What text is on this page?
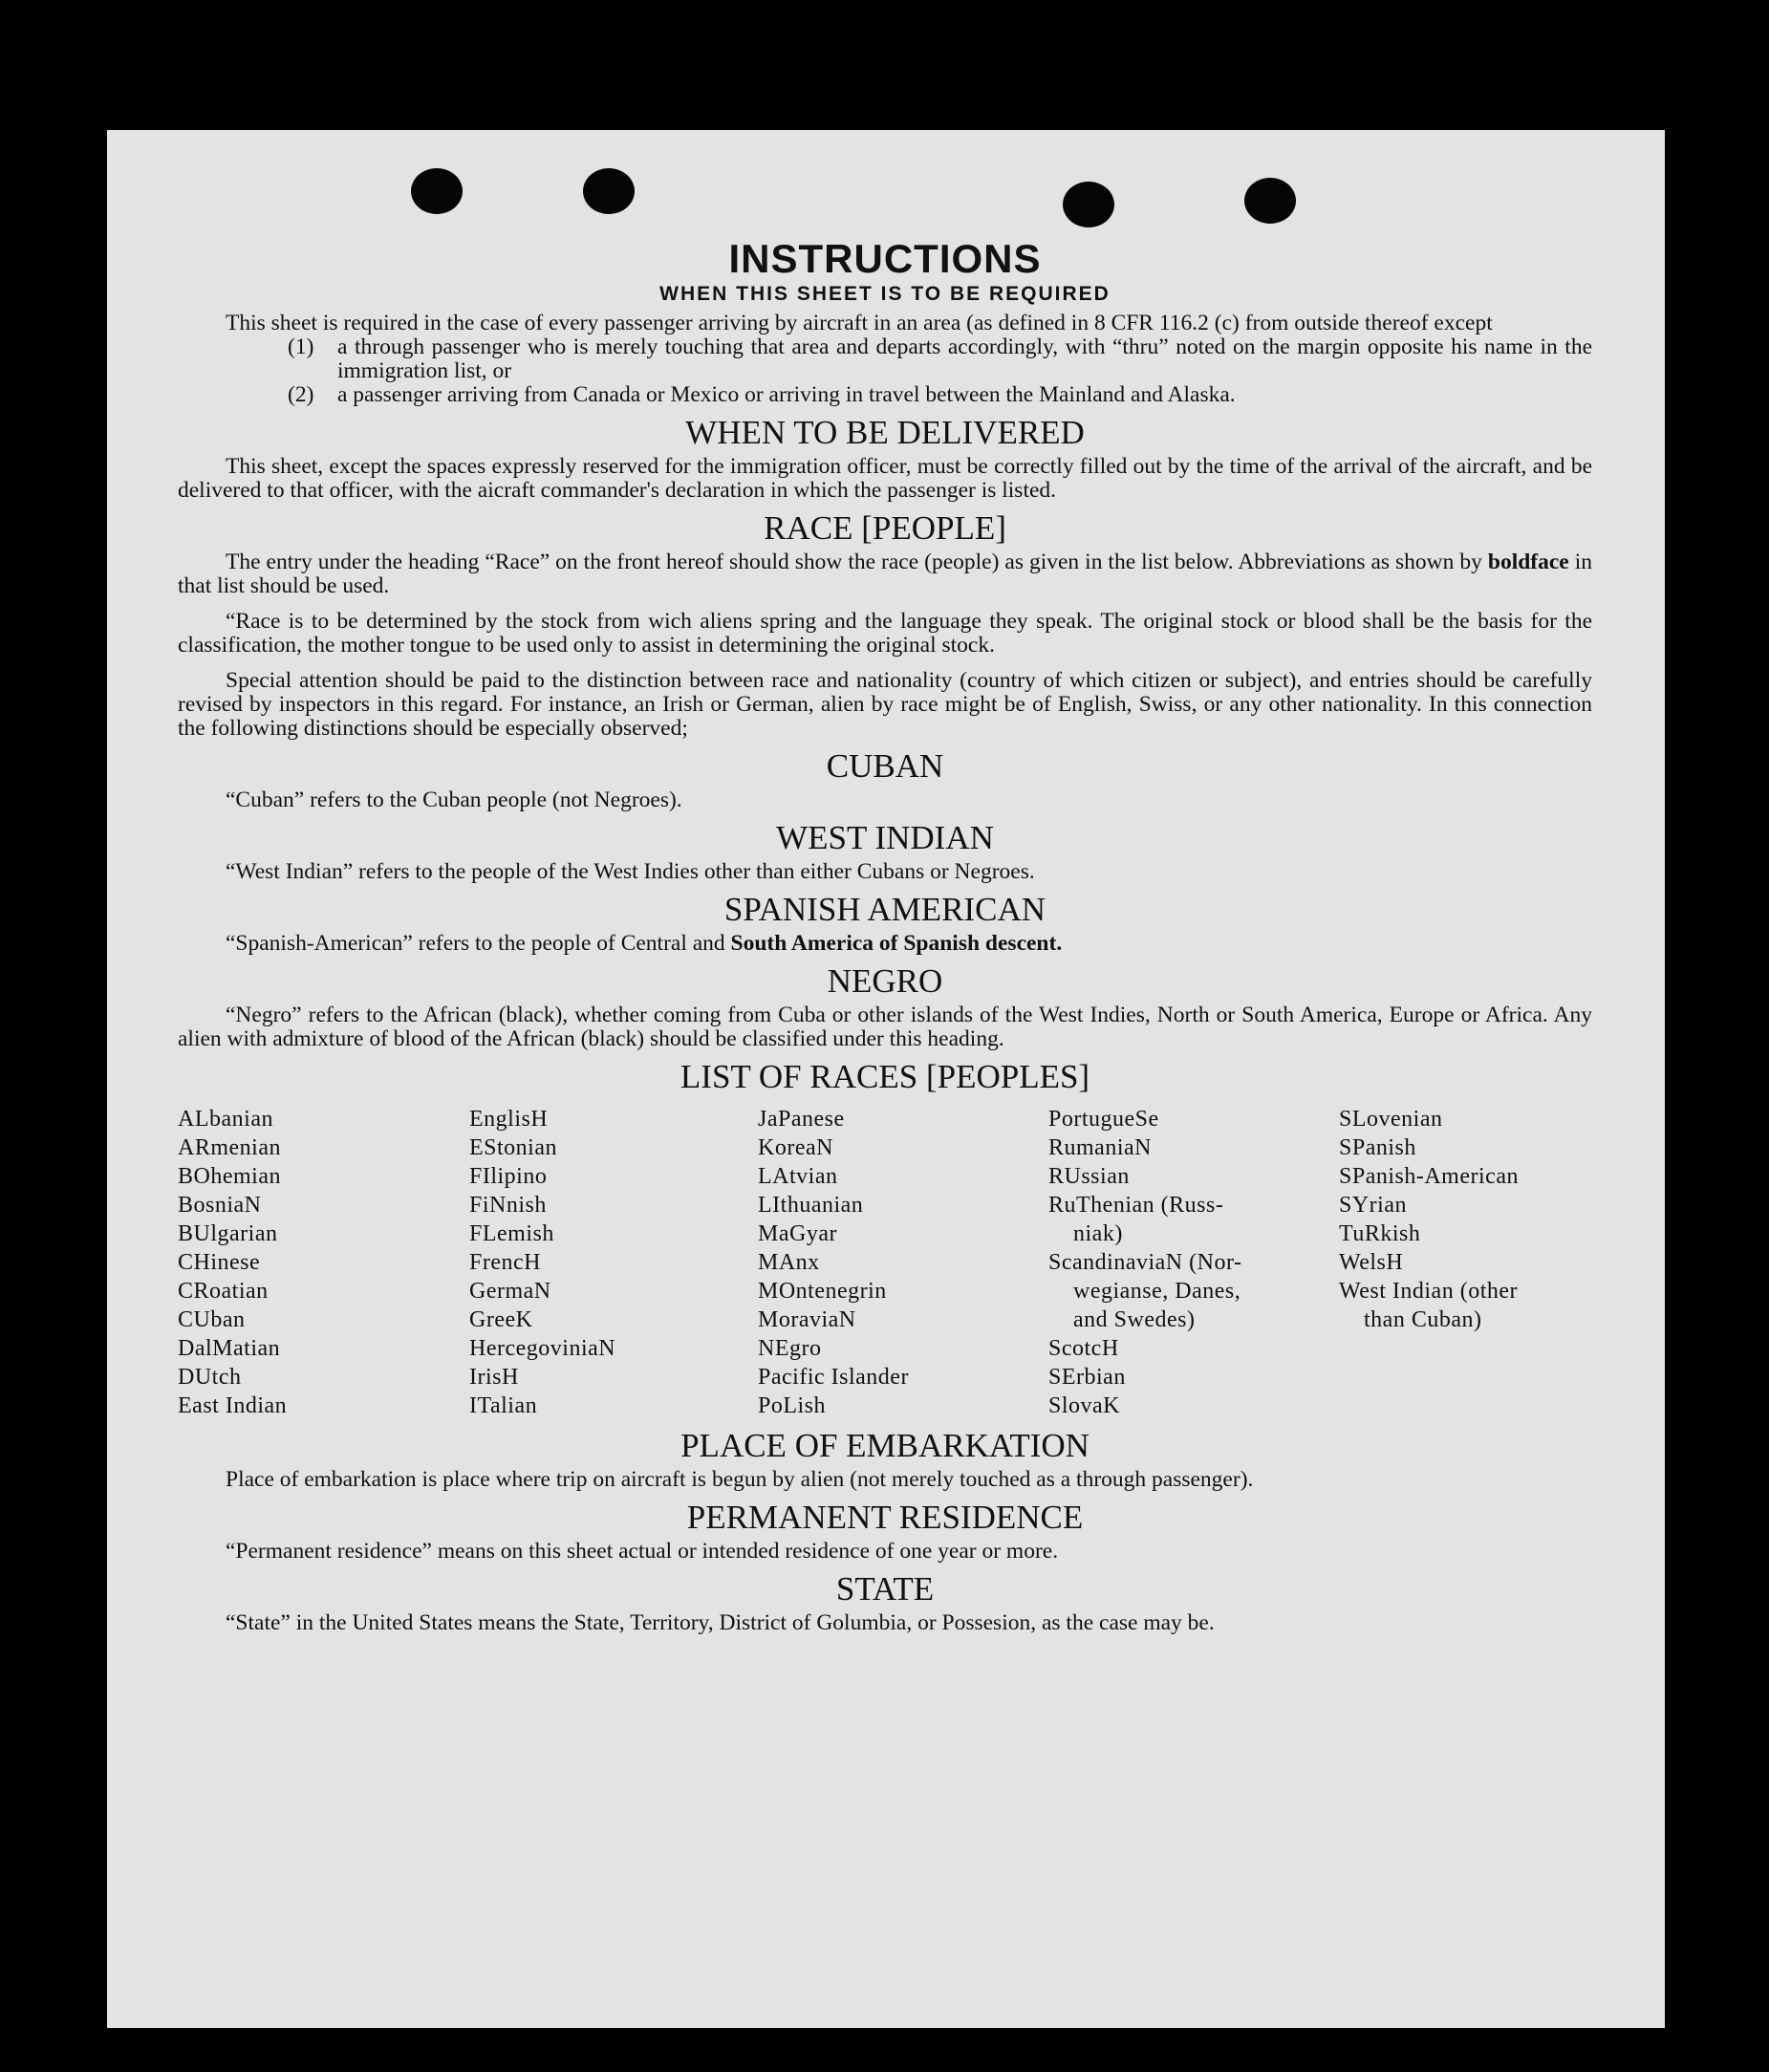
INSTRUCTIONS
WHEN THIS SHEET IS TO BE REQUIRED

This sheet is required in the case of every passenger arriving by aircraft in an area (as defined in 8 CFR 116.2 (c) from outside thereof except

(1)	a through passenger who is merely touching that area and departs accordingly, with “thru” noted on the margin opposite his name in the immigration list, or
(2)	a passenger arriving from Canada or Mexico or arriving in travel between the Mainland and Alaska.
WHEN TO BE DELIVERED

This sheet, except the spaces expressly reserved for the immigration officer, must be correctly filled out by the time of the arrival of the aircraft, and be delivered to that officer, with the aicraft commander's declaration in which the passenger is listed.

RACE [PEOPLE]

The entry under the heading “Race” on the front hereof should show the race (people) as given in the list below. Abbreviations as shown by boldface in that list should be used.

“Race is to be determined by the stock from wich aliens spring and the language they speak. The original stock or blood shall be the basis for the classification, the mother tongue to be used only to assist in determining the original stock.

Special attention should be paid to the distinction between race and nationality (country of which citizen or subject), and entries should be carefully revised by inspectors in this regard. For instance, an Irish or German, alien by race might be of English, Swiss, or any other nationality. In this connection the following distinctions should be especially observed;

CUBAN

“Cuban” refers to the Cuban people (not Negroes).

WEST INDIAN

“West Indian” refers to the people of the West Indies other than either Cubans or Negroes.

SPANISH AMERICAN

“Spanish-American” refers to the people of Central and South America of Spanish descent.

NEGRO

“Negro” refers to the African (black), whether coming from Cuba or other islands of the West Indies, North or South America, Europe or Africa. Any alien with admixture of blood of the African (black) should be classified under this heading.

LIST OF RACES [PEOPLES]
ALbanian
ARmenian
BOhemian
BosniaN
BUlgarian
CHinese
CRoatian
CUban
DalMatian
DUtch
East Indian
EnglisH
EStonian
FIlipino
FiNnish
FLemish
FrencH
GermaN
GreeK
HercegoviniaN
IrisH
ITalian
JaPanese
KoreaN
LAtvian
LIthuanian
MaGyar
MAnx
MOntenegrin
MoraviaN
NEgro
Pacific Islander
PoLish
PortugueSe
RumaniaN
RUssian
RuThenian (Russ-
niak)
ScandinaviaN (Nor-
wegianse, Danes,
and Swedes)
ScotcH
SErbian
SlovaK
SLovenian
SPanish
SPanish-American
SYrian
TuRkish
WelsH
West Indian (other
than Cuban)
PLACE OF EMBARKATION

Place of embarkation is place where trip on aircraft is begun by alien (not merely touched as a through passenger).

PERMANENT RESIDENCE

“Permanent residence” means on this sheet actual or intended residence of one year or more.

STATE

“State” in the United States means the State, Territory, District of Golumbia, or Possesion, as the case may be.
